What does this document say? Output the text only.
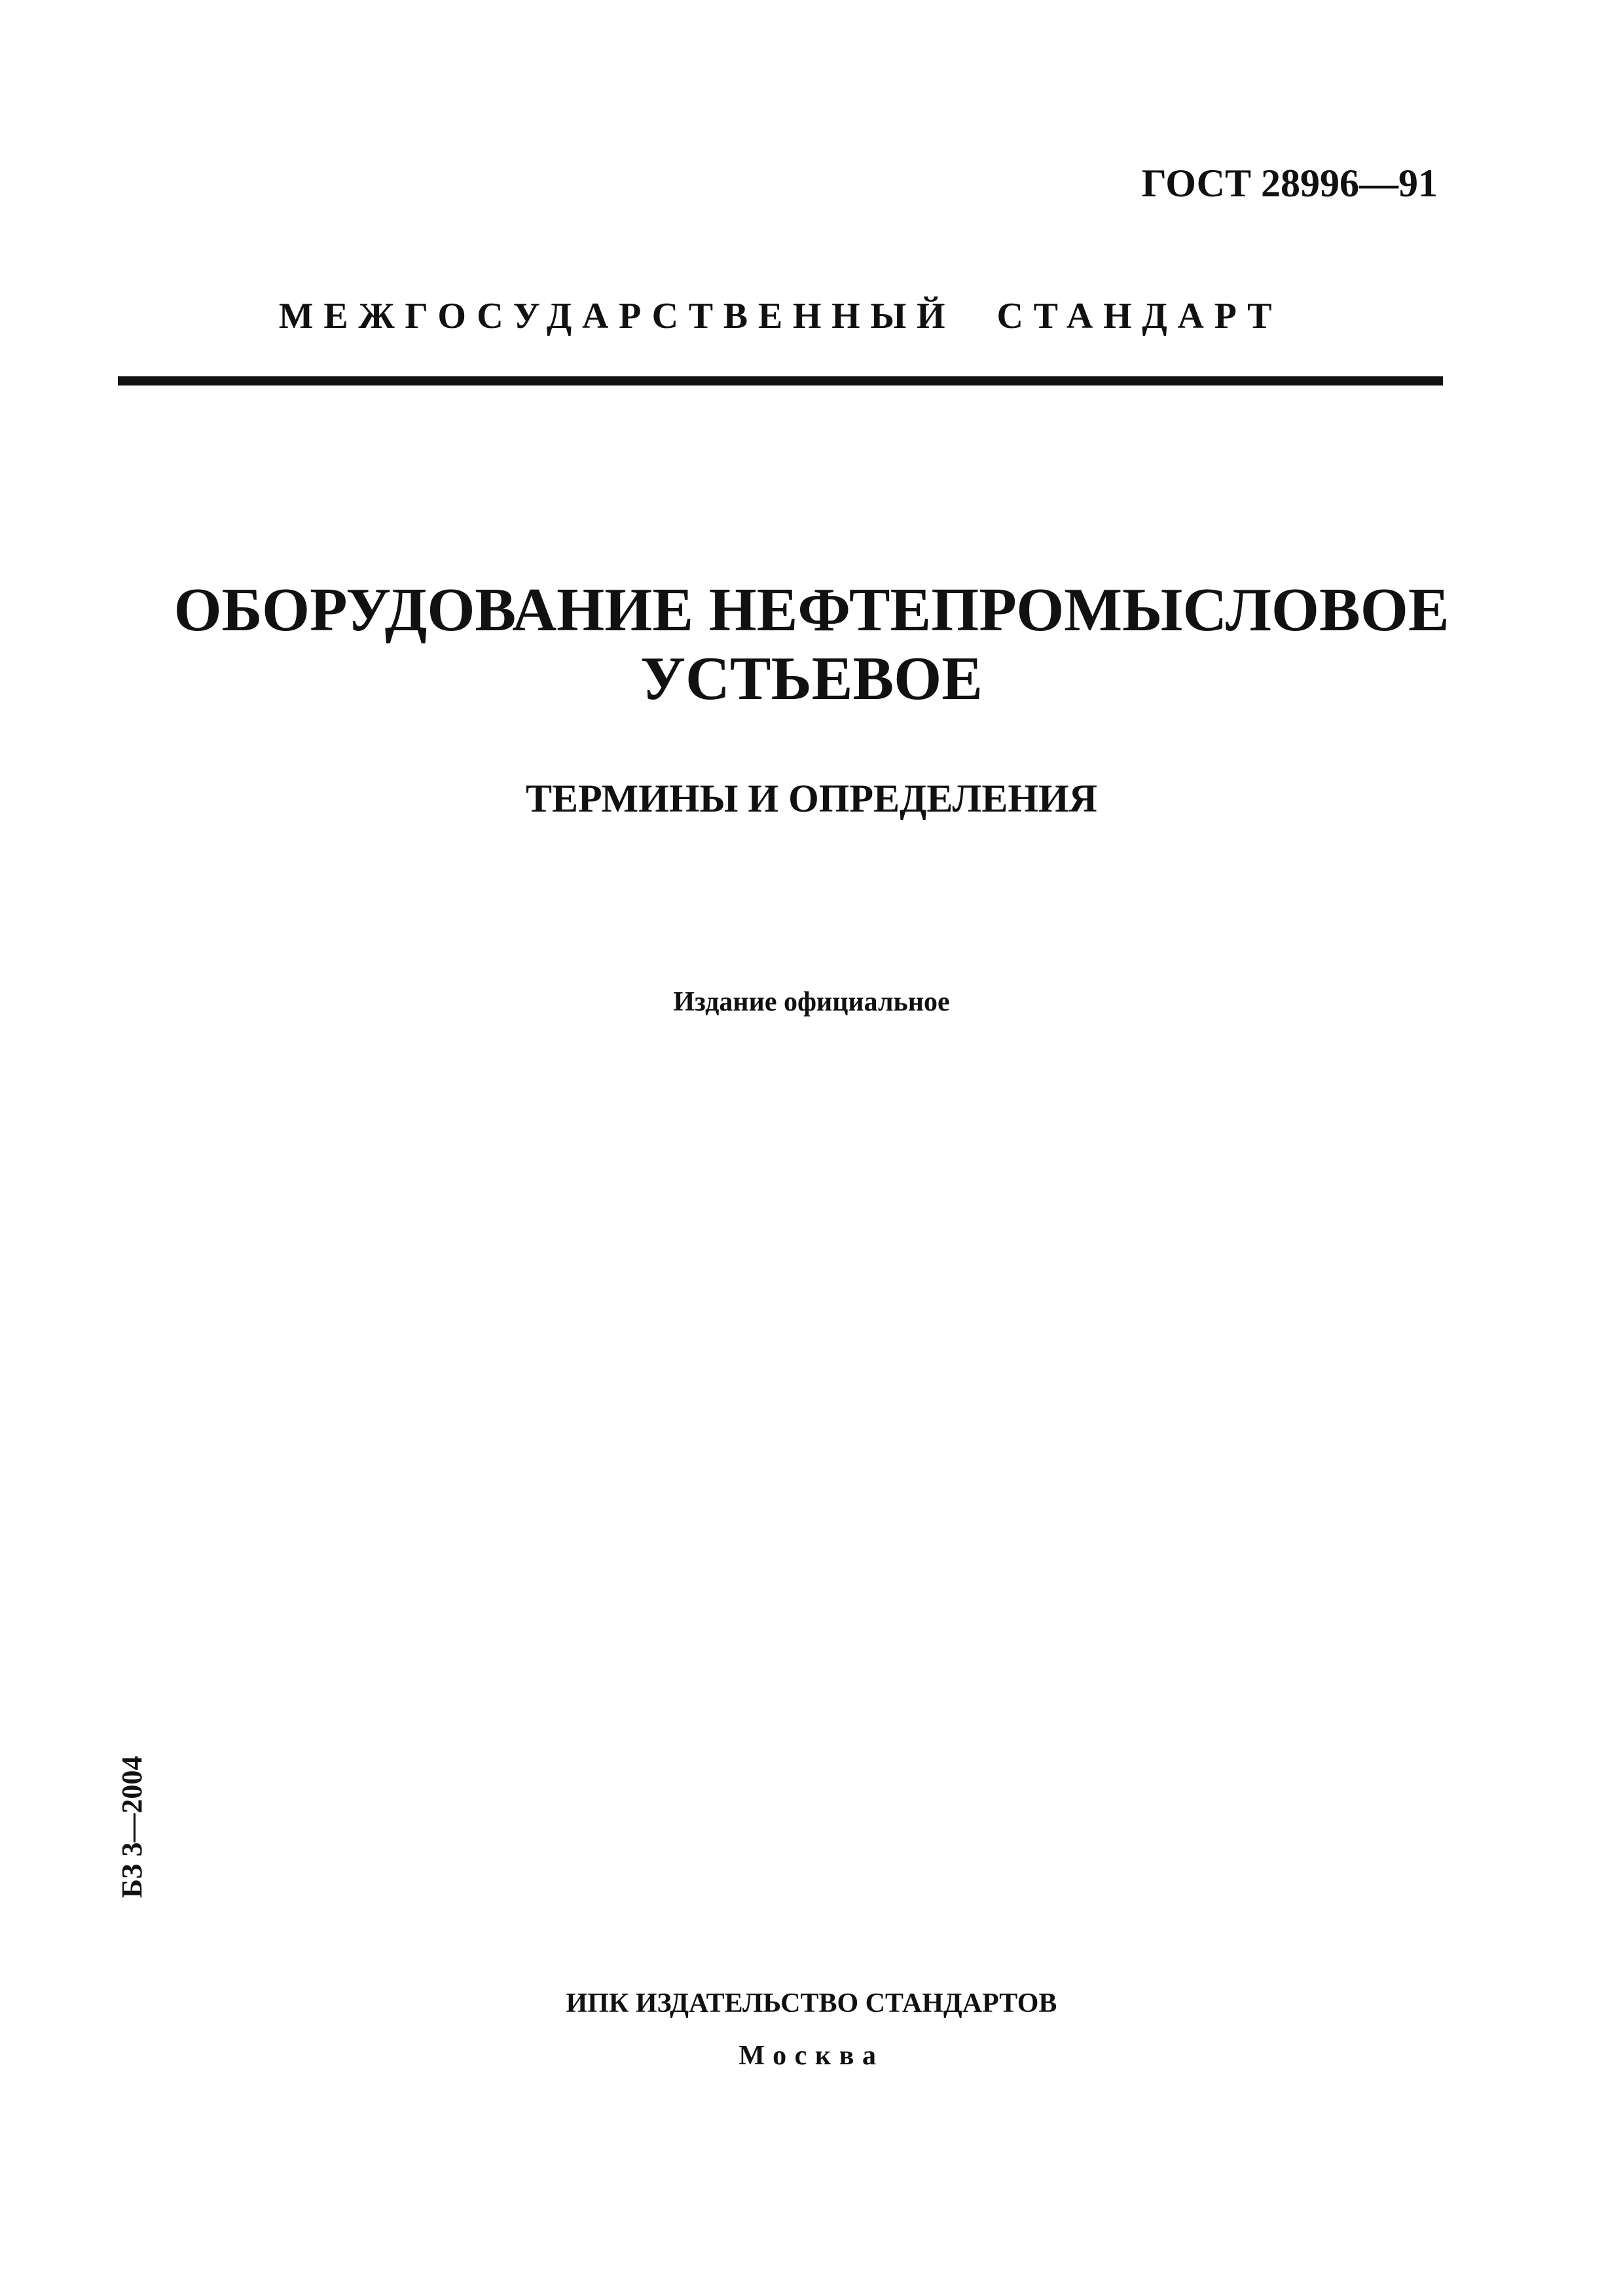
ГОСТ 28996—91
МЕЖГОСУДАРСТВЕННЫЙ СТАНДАРТ
ОБОРУДОВАНИЕ НЕФТЕПРОМЫСЛОВОЕ
УСТЬЕВОЕ
ТЕРМИНЫ И ОПРЕДЕЛЕНИЯ
Издание официальное
БЗ 3—2004
ИПК ИЗДАТЕЛЬСТВО СТАНДАРТОВ
Москва
